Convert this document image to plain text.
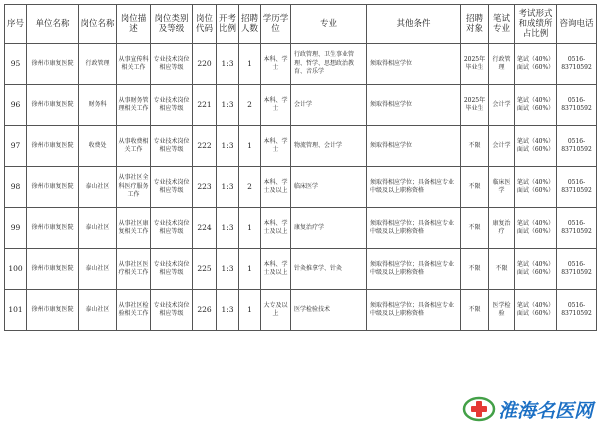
序号	单位名称	岗位名称	岗位描述	岗位类别及等级	岗位代码	开考比例	招聘人数	学历学位	专业	其他条件	招聘对象	笔试专业	考试形式和成绩所占比例	咨询电话
95	徐州市康复医院	行政管理	从事宣传科相关工作	专业技术岗位相应等级	220	1:3	1	本科、学士	行政管理、卫生事业管理、哲学、思想政治教育、音乐学	须取得相应学位	2025年毕业生	行政管理	笔试（40%）面试（60%）	0516-83710592
96	徐州市康复医院	财务科	从事财务管理相关工作	专业技术岗位相应等级	221	1:3	2	本科、学士	会计学	须取得相应学位	2025年毕业生	会计学	笔试（40%）面试（60%）	0516-83710592
97	徐州市康复医院	收费处	从事收费相关工作	专业技术岗位相应等级	222	1:3	1	本科、学士	物流管理、会计学	须取得相应学位	不限	会计学	笔试（40%）面试（60%）	0516-83710592
98	徐州市康复医院	泰山社区	从事社区全科医疗服务工作	专业技术岗位相应等级	223	1:3	2	本科、学士及以上	临床医学	须取得相应学位；具备相应专业中级及以上职称资格	不限	临床医学	笔试（40%）面试（60%）	0516-83710592
99	徐州市康复医院	泰山社区	从事社区康复相关工作	专业技术岗位相应等级	224	1:3	1	本科、学士及以上	康复治疗学	须取得相应学位；具备相应专业中级及以上职称资格	不限	康复治疗	笔试（40%）面试（60%）	0516-83710592
100	徐州市康复医院	泰山社区	从事社区医疗相关工作	专业技术岗位相应等级	225	1:3	1	本科、学士及以上	针灸推拿学、针灸	须取得相应学位；具备相应专业中级及以上职称资格	不限	不限	笔试（40%）面试（60%）	0516-83710592
101	徐州市康复医院	泰山社区	从事社区检验相关工作	专业技术岗位相应等级	226	1:3	1	大专及以上	医学检验技术	须取得相应学位；具备相应专业中级及以上职称资格	不限	医学检验	笔试（40%）面试（60%）	0516-83710592
淮海名医网
